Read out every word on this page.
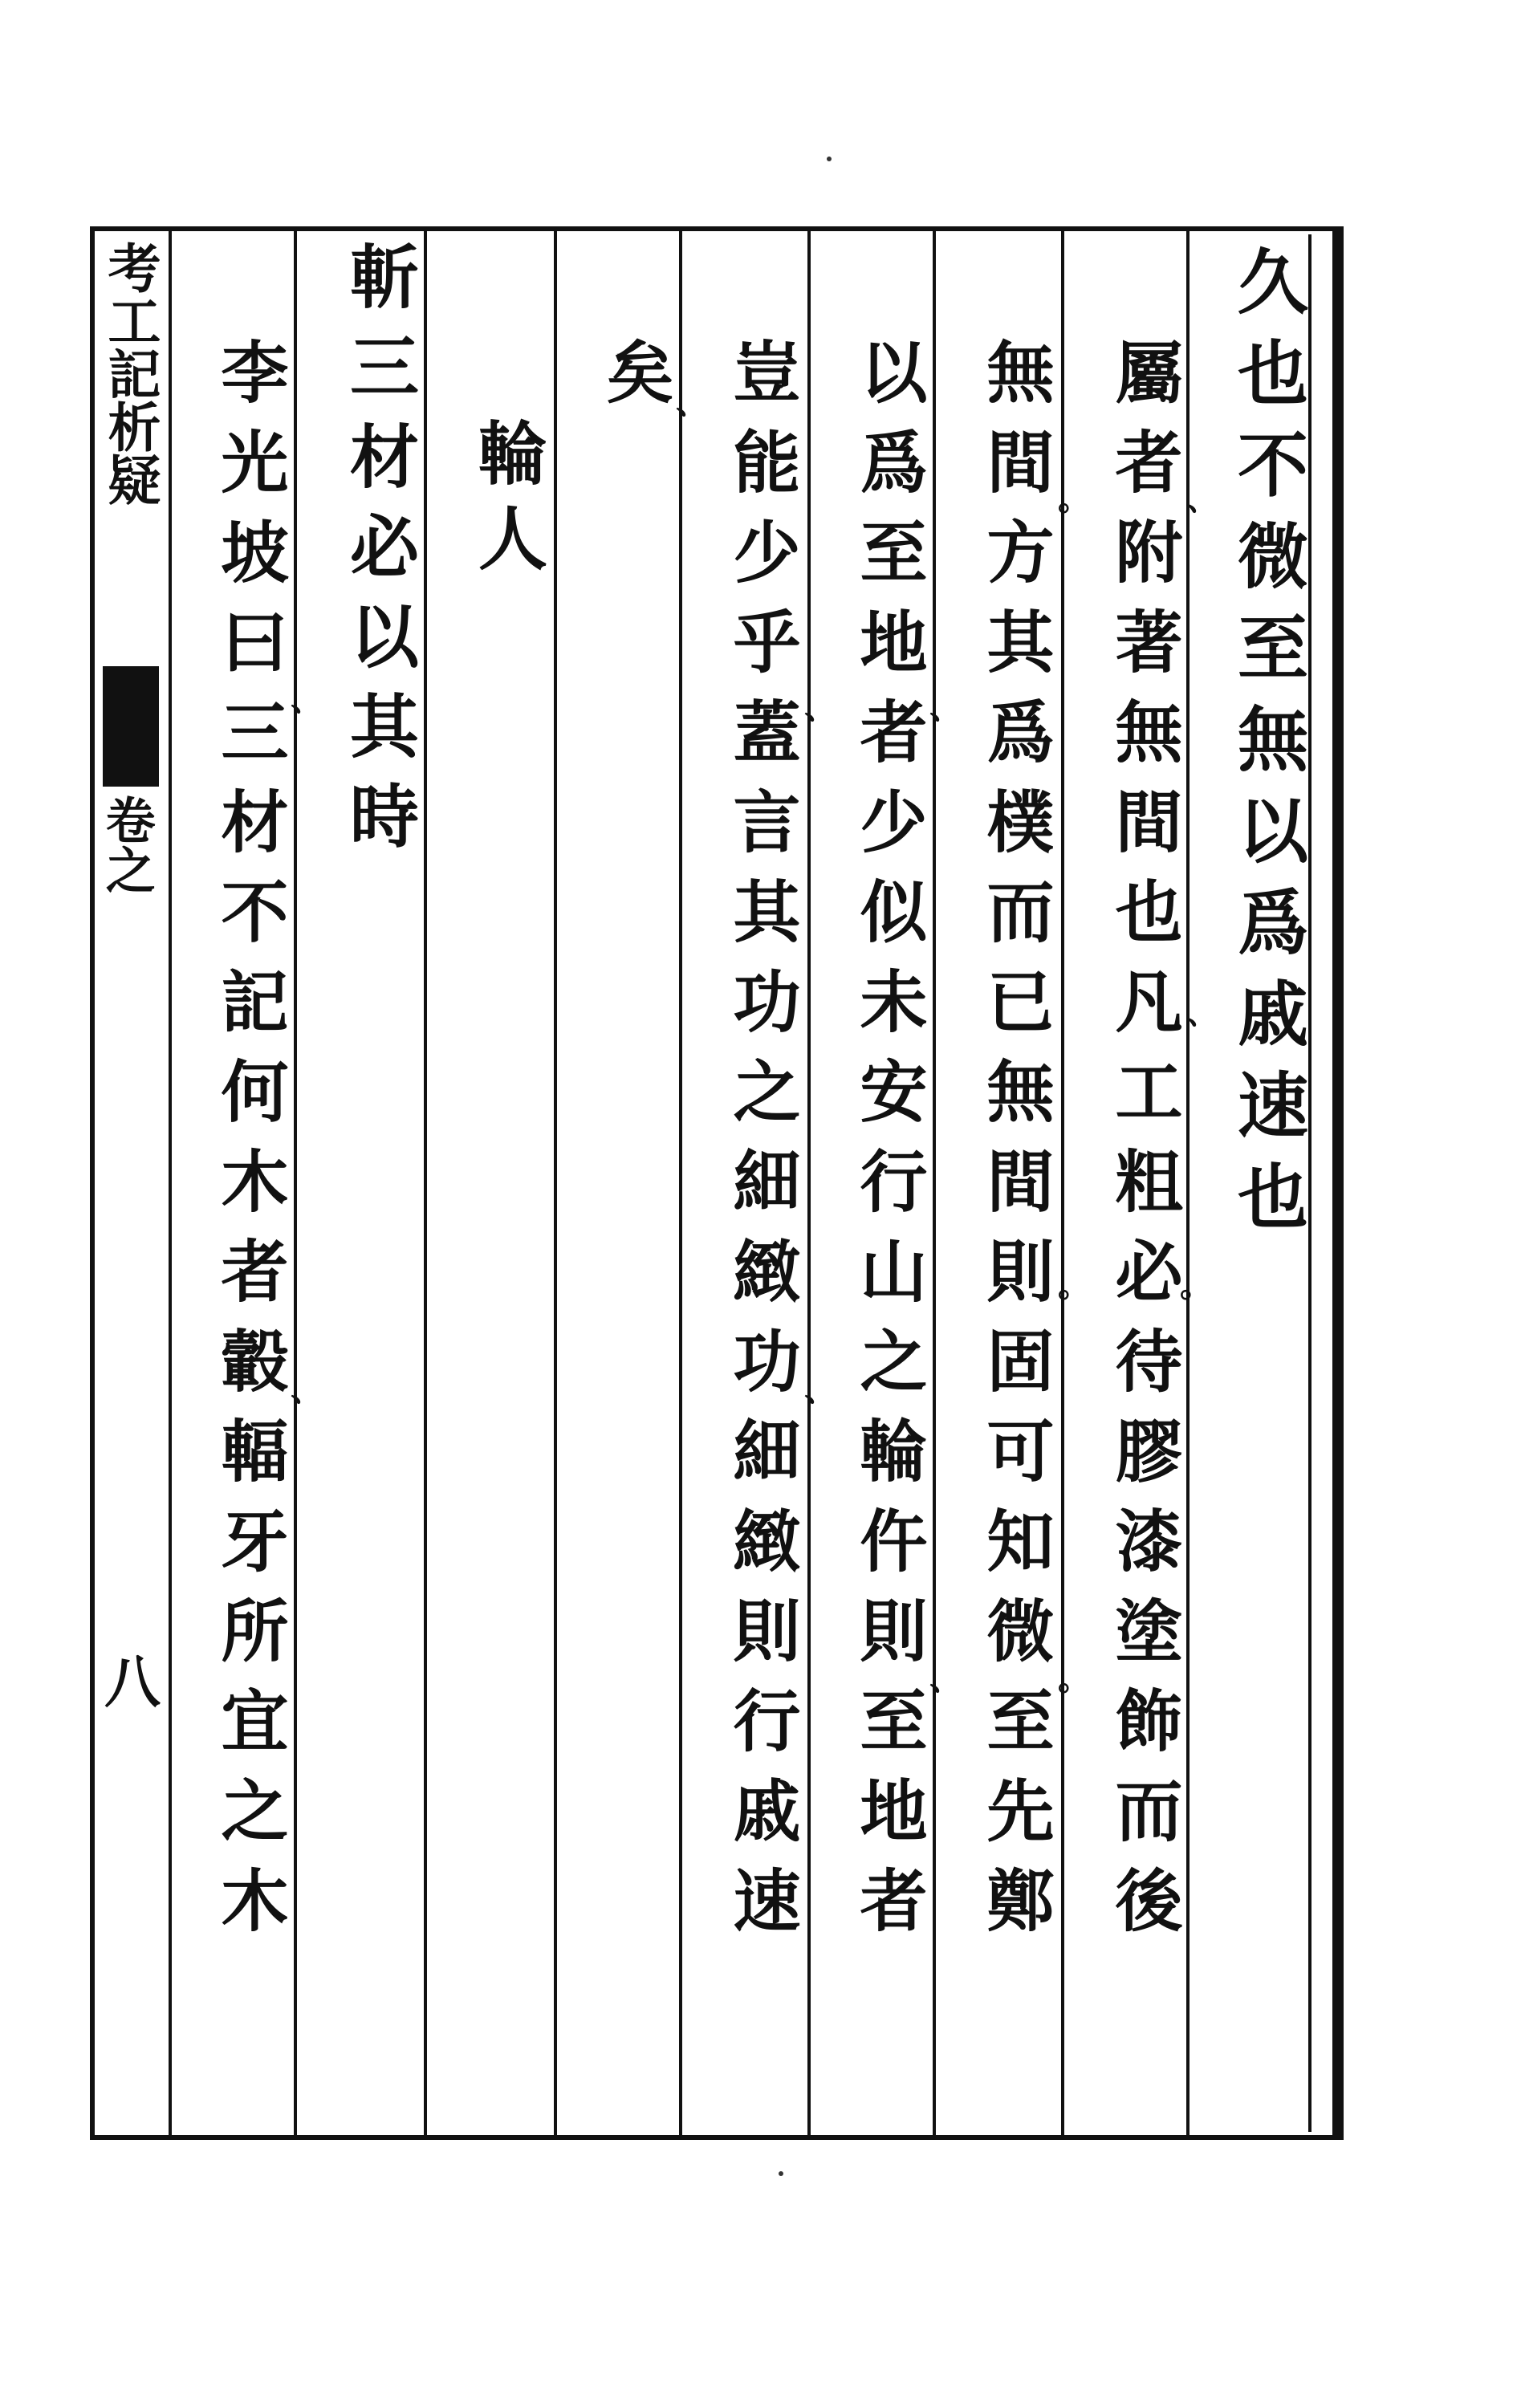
考工記析疑
卷之
八
久也不微至無以爲戚速也
屬者附著無間也凡工粗必待膠漆塗飾而後
無間方其爲樸而已無間則固可知微至先鄭
以爲至地者少似未安行山之輪仵則至地者
豈能少乎蓋言其功之細緻功細緻則行戚速
矣
輪人
斬三材必以其時
李光坡曰三材不記何木者轂輻牙所宜之木	、
、
。
。
。
。
、
、
、
、
、
、
、
